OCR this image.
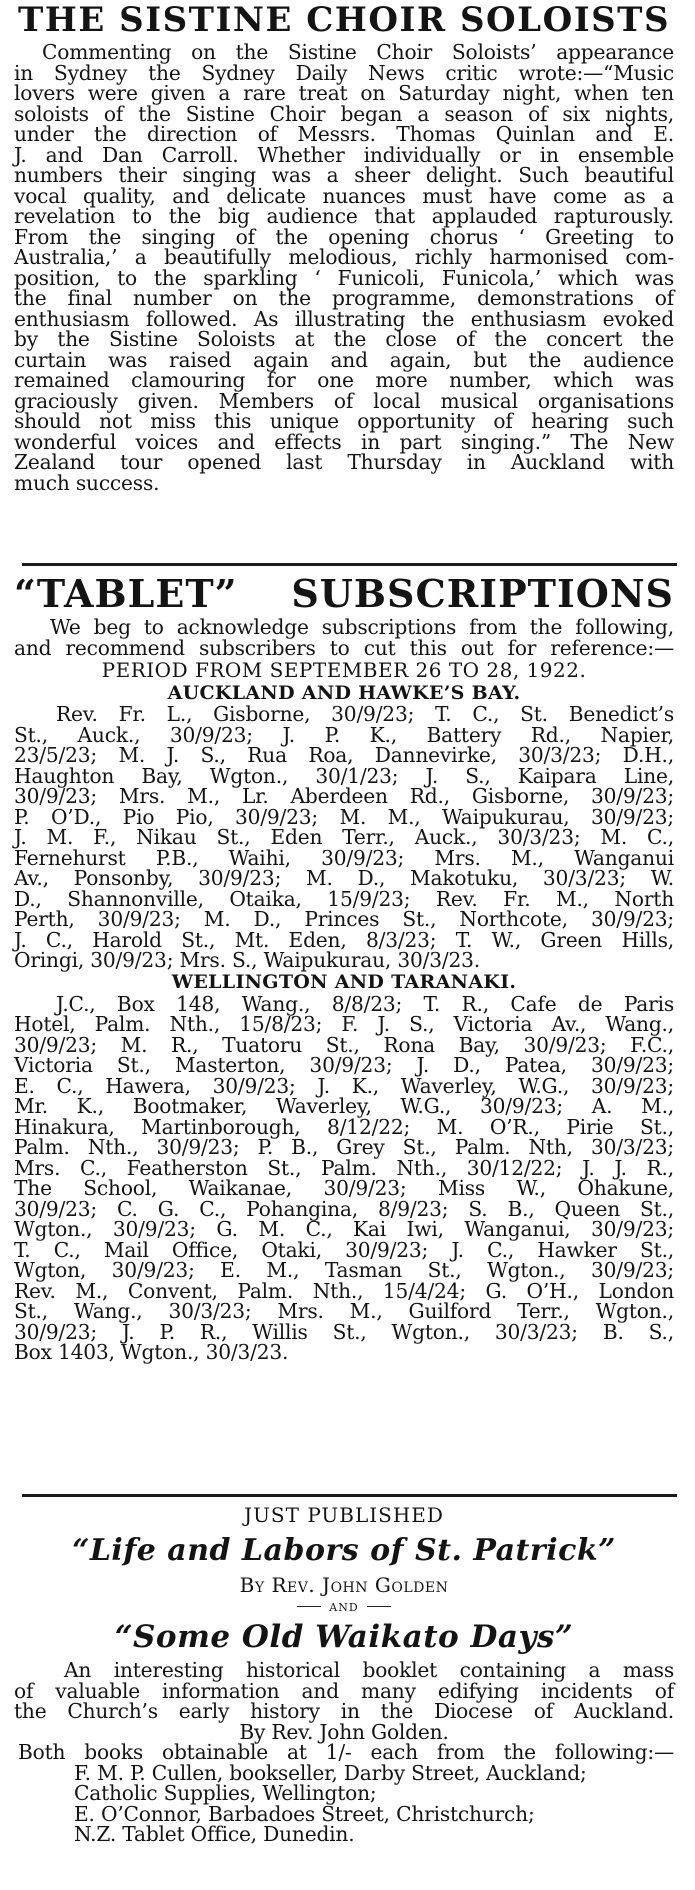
THE SISTINE CHOIR SOLOISTS
Commenting on the Sistine Choir Soloists’ appearance
in Sydney the Sydney Daily News critic wrote:—“Music
lovers were given a rare treat on Saturday night, when ten
soloists of the Sistine Choir began a season of six nights,
under the direction of Messrs. Thomas Quinlan and E.
J. and Dan Carroll. Whether individually or in ensemble
numbers their singing was a sheer delight. Such beautiful
vocal quality, and delicate nuances must have come as a
revelation to the big audience that applauded rapturously.
From the singing of the opening chorus ‘ Greeting to
Australia,’ a beautifully melodious, richly harmonised com-
position, to the sparkling ‘ Funicoli, Funicola,’ which was
the final number on the programme, demonstrations of
enthusiasm followed. As illustrating the enthusiasm evoked
by the Sistine Soloists at the close of the concert the
curtain was raised again and again, but the audience
remained clamouring for one more number, which was
graciously given. Members of local musical organisations
should not miss this unique opportunity of hearing such
wonderful voices and effects in part singing.” The New
Zealand tour opened last Thursday in Auckland with
much success.
“TABLET” SUBSCRIPTIONS
We beg to acknowledge subscriptions from the following,
and recommend subscribers to cut this out for reference:—
PERIOD FROM SEPTEMBER 26 TO 28, 1922.
AUCKLAND AND HAWKE’S BAY.
Rev. Fr. L., Gisborne, 30/9/23; T. C., St. Benedict’s
St., Auck., 30/9/23; J. P. K., Battery Rd., Napier,
23/5/23; M. J. S., Rua Roa, Dannevirke, 30/3/23; D.H.,
Haughton Bay, Wgton., 30/1/23; J. S., Kaipara Line,
30/9/23; Mrs. M., Lr. Aberdeen Rd., Gisborne, 30/9/23;
P. O’D., Pio Pio, 30/9/23; M. M., Waipukurau, 30/9/23;
J. M. F., Nikau St., Eden Terr., Auck., 30/3/23; M. C.,
Fernehurst P.B., Waihi, 30/9/23; Mrs. M., Wanganui
Av., Ponsonby, 30/9/23; M. D., Makotuku, 30/3/23; W.
D., Shannonville, Otaika, 15/9/23; Rev. Fr. M., North
Perth, 30/9/23; M. D., Princes St., Northcote, 30/9/23;
J. C., Harold St., Mt. Eden, 8/3/23; T. W., Green Hills,
Oringi, 30/9/23; Mrs. S., Waipukurau, 30/3/23.
WELLINGTON AND TARANAKI.
J.C., Box 148, Wang., 8/8/23; T. R., Cafe de Paris
Hotel, Palm. Nth., 15/8/23; F. J. S., Victoria Av., Wang.,
30/9/23; M. R., Tuatoru St., Rona Bay, 30/9/23; F.C.,
Victoria St., Masterton, 30/9/23; J. D., Patea, 30/9/23;
E. C., Hawera, 30/9/23; J. K., Waverley, W.G., 30/9/23;
Mr. K., Bootmaker, Waverley, W.G., 30/9/23; A. M.,
Hinakura, Martinborough, 8/12/22; M. O’R., Pirie St.,
Palm. Nth., 30/9/23; P. B., Grey St., Palm. Nth, 30/3/23;
Mrs. C., Featherston St., Palm. Nth., 30/12/22; J. J. R.,
The School, Waikanae, 30/9/23; Miss W., Ohakune,
30/9/23; C. G. C., Pohangina, 8/9/23; S. B., Queen St.,
Wgton., 30/9/23; G. M. C., Kai Iwi, Wanganui, 30/9/23;
T. C., Mail Office, Otaki, 30/9/23; J. C., Hawker St.,
Wgton, 30/9/23; E. M., Tasman St., Wgton., 30/9/23;
Rev. M., Convent, Palm. Nth., 15/4/24; G. O’H., London
St., Wang., 30/3/23; Mrs. M., Guilford Terr., Wgton.,
30/9/23; J. P. R., Willis St., Wgton., 30/3/23; B. S.,
Box 1403, Wgton., 30/3/23.
JUST PUBLISHED
“Life and Labors of St. Patrick”
By Rev. John Golden
AND
“Some Old Waikato Days”
An interesting historical booklet containing a mass
of valuable information and many edifying incidents of
the Church’s early history in the Diocese of Auckland.
By Rev. John Golden.
Both books obtainable at 1/- each from the following:—
F. M. P. Cullen, bookseller, Darby Street, Auckland;
Catholic Supplies, Wellington;
E. O’Connor, Barbadoes Street, Christchurch;
N.Z. Tablet Office, Dunedin.
